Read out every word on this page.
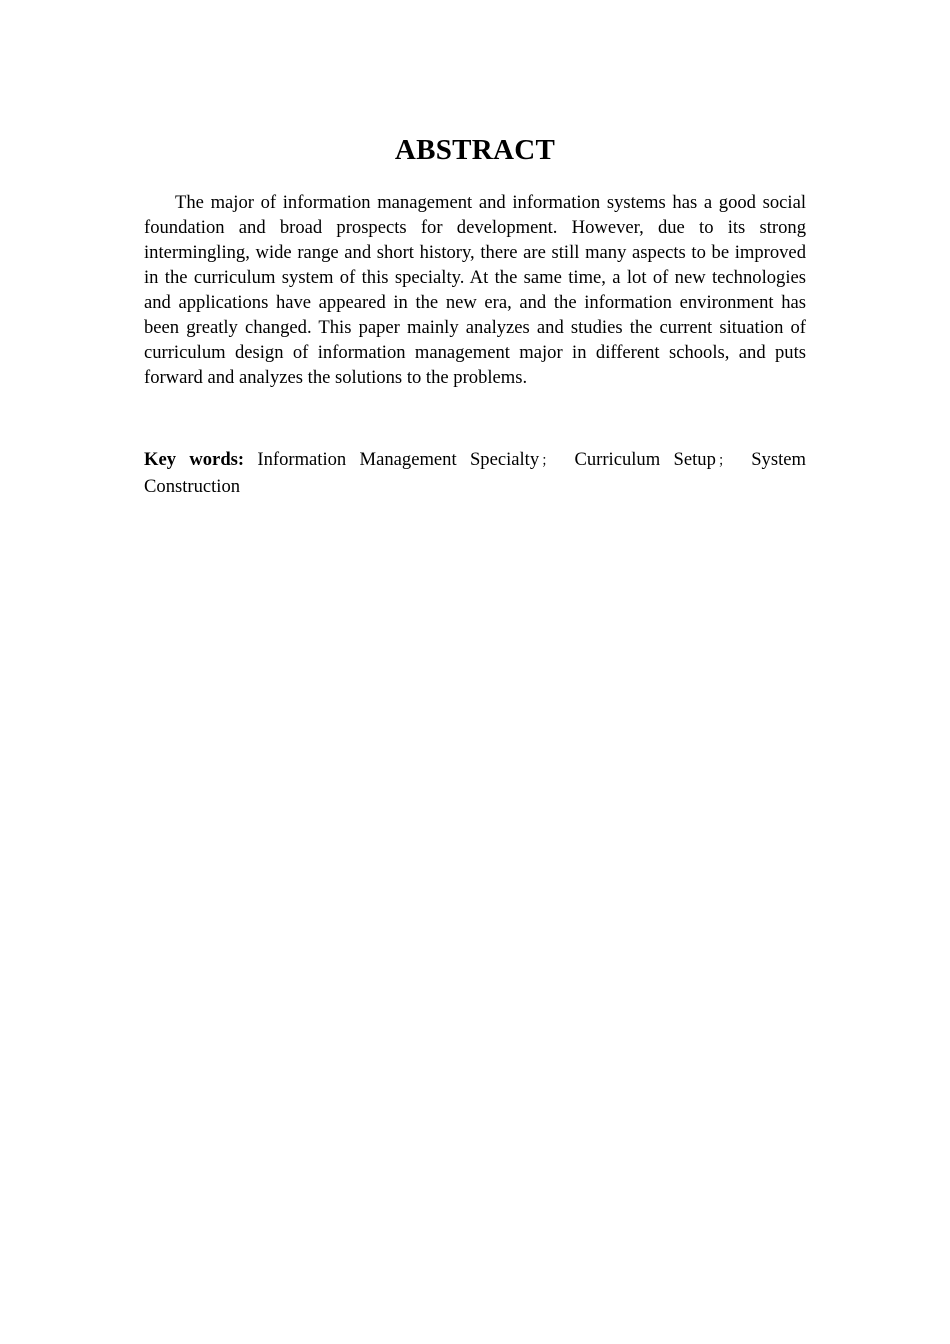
ABSTRACT

The major of information management and information systems has a good social foundation and broad prospects for development. However, due to its strong intermingling, wide range and short history, there are still many aspects to be improved in the curriculum system of this specialty. At the same time, a lot of new technologies and applications have appeared in the new era, and the information environment has been greatly changed. This paper mainly analyzes and studies the current situation of curriculum design of information management major in different schools, and puts forward and analyzes the solutions to the problems.

Key words: Information Management Specialty ； Curriculum Setup ； System Construction
